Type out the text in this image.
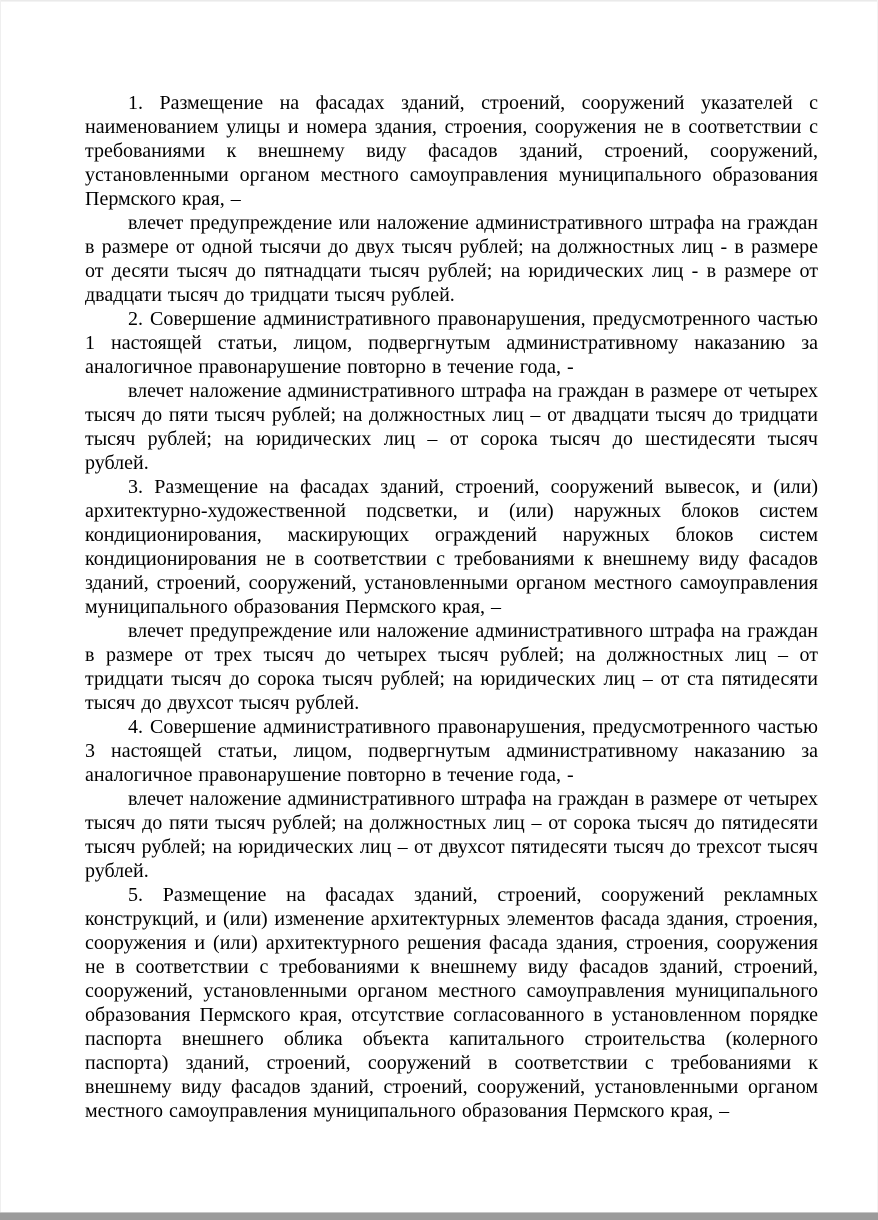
1. Размещение на фасадах зданий, строений, сооружений указателей с наименованием улицы и номера здания, строения, сооружения не в соответствии с требованиями к внешнему виду фасадов зданий, строений, сооружений, установленными органом местного самоуправления муниципального образования Пермского края, –

влечет предупреждение или наложение административного штрафа на граждан в размере от одной тысячи до двух тысяч рублей; на должностных лиц - в размере от десяти тысяч до пятнадцати тысяч рублей; на юридических лиц - в размере от двадцати тысяч до тридцати тысяч рублей.

2. Совершение административного правонарушения, предусмотренного частью 1 настоящей статьи, лицом, подвергнутым административному наказанию за аналогичное правонарушение повторно в течение года, -

влечет наложение административного штрафа на граждан в размере от четырех тысяч до пяти тысяч рублей; на должностных лиц – от двадцати тысяч до тридцати тысяч рублей; на юридических лиц – от сорока тысяч до шестидесяти тысяч рублей.

3. Размещение на фасадах зданий, строений, сооружений вывесок, и (или) архитектурно-художественной подсветки, и (или) наружных блоков систем кондиционирования, маскирующих ограждений наружных блоков систем кондиционирования не в соответствии с требованиями к внешнему виду фасадов зданий, строений, сооружений, установленными органом местного самоуправления муниципального образования Пермского края, –

влечет предупреждение или наложение административного штрафа на граждан в размере от трех тысяч до четырех тысяч рублей; на должностных лиц – от тридцати тысяч до сорока тысяч рублей; на юридических лиц – от ста пятидесяти тысяч до двухсот тысяч рублей.

4. Совершение административного правонарушения, предусмотренного частью 3 настоящей статьи, лицом, подвергнутым административному наказанию за аналогичное правонарушение повторно в течение года, -

влечет наложение административного штрафа на граждан в размере от четырех тысяч до пяти тысяч рублей; на должностных лиц – от сорока тысяч до пятидесяти тысяч рублей; на юридических лиц – от двухсот пятидесяти тысяч до трехсот тысяч рублей.

5. Размещение на фасадах зданий, строений, сооружений рекламных конструкций, и (или) изменение архитектурных элементов фасада здания, строения, сооружения и (или) архитектурного решения фасада здания, строения, сооружения не в соответствии с требованиями к внешнему виду фасадов зданий, строений, сооружений, установленными органом местного самоуправления муниципального образования Пермского края, отсутствие согласованного в установленном порядке паспорта внешнего облика объекта капитального строительства (колерного паспорта) зданий, строений, сооружений в соответствии с требованиями к внешнему виду фасадов зданий, строений, сооружений, установленными органом местного самоуправления муниципального образования Пермского края, –
